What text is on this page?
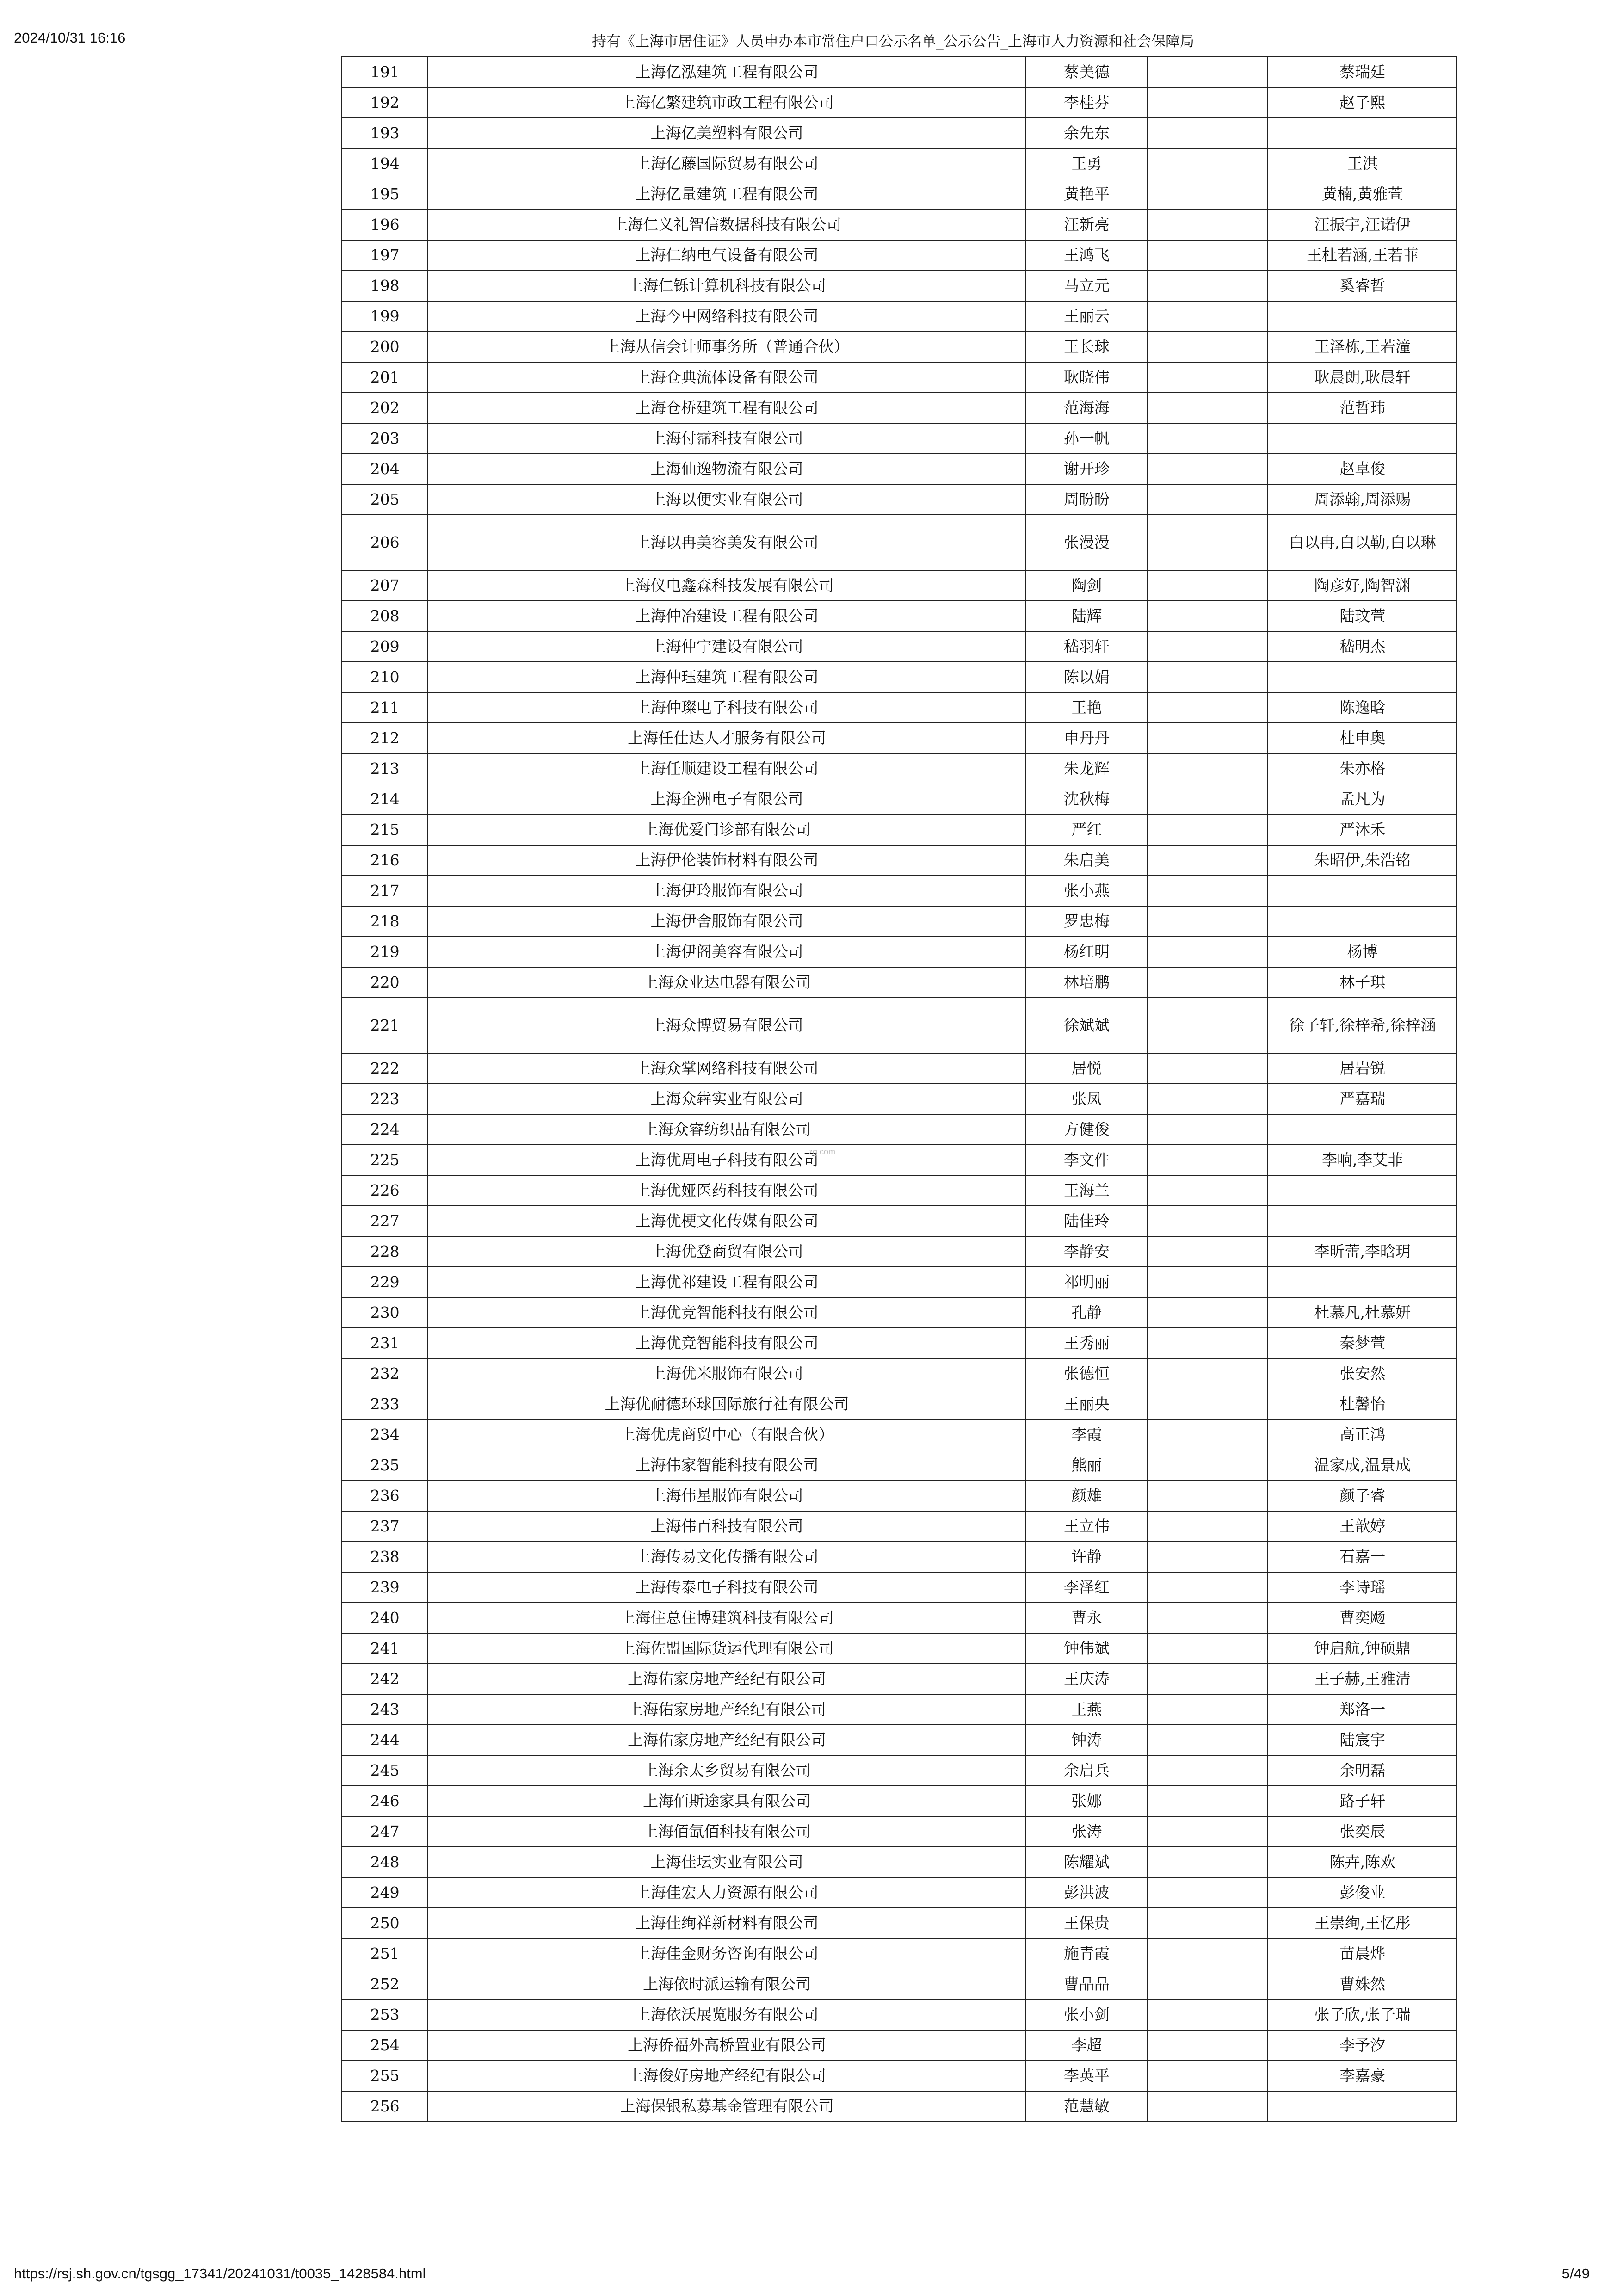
2024/10/31 16:16	持有《上海市居住证》人员申办本市常住户口公示名单_公示公告_上海市人力资源和社会保障局
191	上海亿泓建筑工程有限公司	蔡美德		蔡瑞廷
192	上海亿繁建筑市政工程有限公司	李桂芬		赵子熙
193	上海亿美塑料有限公司	余先东		
194	上海亿藤国际贸易有限公司	王勇		王淇
195	上海亿量建筑工程有限公司	黄艳平		黄楠,黄雅萱
196	上海仁义礼智信数据科技有限公司	汪新亮		汪振宇,汪诺伊
197	上海仁纳电气设备有限公司	王鸿飞		王杜若涵,王若菲
198	上海仁铄计算机科技有限公司	马立元		奚睿哲
199	上海今中网络科技有限公司	王丽云		
200	上海从信会计师事务所（普通合伙）	王长球		王泽栋,王若潼
201	上海仓典流体设备有限公司	耿晓伟		耿晨朗,耿晨轩
202	上海仓桥建筑工程有限公司	范海海		范哲玮
203	上海付霈科技有限公司	孙一帆		
204	上海仙逸物流有限公司	谢开珍		赵卓俊
205	上海以便实业有限公司	周盼盼		周添翰,周添赐
206	上海以冉美容美发有限公司	张漫漫		白以冉,白以勒,白以琳
207	上海仪电鑫森科技发展有限公司	陶剑		陶彦好,陶智渊
208	上海仲冶建设工程有限公司	陆辉		陆玟萱
209	上海仲宁建设有限公司	嵇羽轩		嵇明杰
210	上海仲珏建筑工程有限公司	陈以娟		
211	上海仲璨电子科技有限公司	王艳		陈逸晗
212	上海任仕达人才服务有限公司	申丹丹		杜申奥
213	上海任顺建设工程有限公司	朱龙辉		朱亦格
214	上海企洲电子有限公司	沈秋梅		孟凡为
215	上海优爱门诊部有限公司	严红		严沐禾
216	上海伊伦装饰材料有限公司	朱启美		朱昭伊,朱浩铭
217	上海伊玲服饰有限公司	张小燕		
218	上海伊舍服饰有限公司	罗忠梅		
219	上海伊阁美容有限公司	杨红明		杨博
220	上海众业达电器有限公司	林培鹏		林子琪
221	上海众博贸易有限公司	徐斌斌		徐子轩,徐梓希,徐梓涵
222	上海众掌网络科技有限公司	居悦		居岩锐
223	上海众犇实业有限公司	张凤		严嘉瑞
224	上海众睿纺织品有限公司	方健俊		
225	上海优周电子科技有限公司	李文件		李响,李艾菲
226	上海优娅医药科技有限公司	王海兰		
227	上海优梗文化传媒有限公司	陆佳玲		
228	上海优登商贸有限公司	李静安		李昕蕾,李晗玥
229	上海优祁建设工程有限公司	祁明丽		
230	上海优竞智能科技有限公司	孔静		杜慕凡,杜慕妍
231	上海优竞智能科技有限公司	王秀丽		秦梦萱
232	上海优米服饰有限公司	张德恒		张安然
233	上海优耐德环球国际旅行社有限公司	王丽央		杜馨怡
234	上海优虎商贸中心（有限合伙）	李霞		高正鸿
235	上海伟家智能科技有限公司	熊丽		温家成,温景成
236	上海伟星服饰有限公司	颜雄		颜子睿
237	上海伟百科技有限公司	王立伟		王歆婷
238	上海传易文化传播有限公司	许静		石嘉一
239	上海传泰电子科技有限公司	李泽红		李诗瑶
240	上海住总住博建筑科技有限公司	曹永		曹奕飏
241	上海佐盟国际货运代理有限公司	钟伟斌		钟启航,钟硕鼎
242	上海佑家房地产经纪有限公司	王庆涛		王子赫,王雅清
243	上海佑家房地产经纪有限公司	王燕		郑洛一
244	上海佑家房地产经纪有限公司	钟涛		陆宸宇
245	上海余太乡贸易有限公司	余启兵		余明磊
246	上海佰斯途家具有限公司	张娜		路子轩
247	上海佰氙佰科技有限公司	张涛		张奕辰
248	上海佳坛实业有限公司	陈耀斌		陈卉,陈欢
249	上海佳宏人力资源有限公司	彭洪波		彭俊业
250	上海佳绚祥新材料有限公司	王保贵		王崇绚,王忆彤
251	上海佳金财务咨询有限公司	施青霞		苗晨烨
252	上海依时派运输有限公司	曹晶晶		曹姝然
253	上海依沃展览服务有限公司	张小剑		张子欣,张子瑞
254	上海侨福外高桥置业有限公司	李超		李予汐
255	上海俊好房地产经纪有限公司	李英平		李嘉豪
256	上海保银私募基金管理有限公司	范慧敏		
zg.com
https://rsj.sh.gov.cn/tgsgg_17341/20241031/t0035_1428584.html	5/49
